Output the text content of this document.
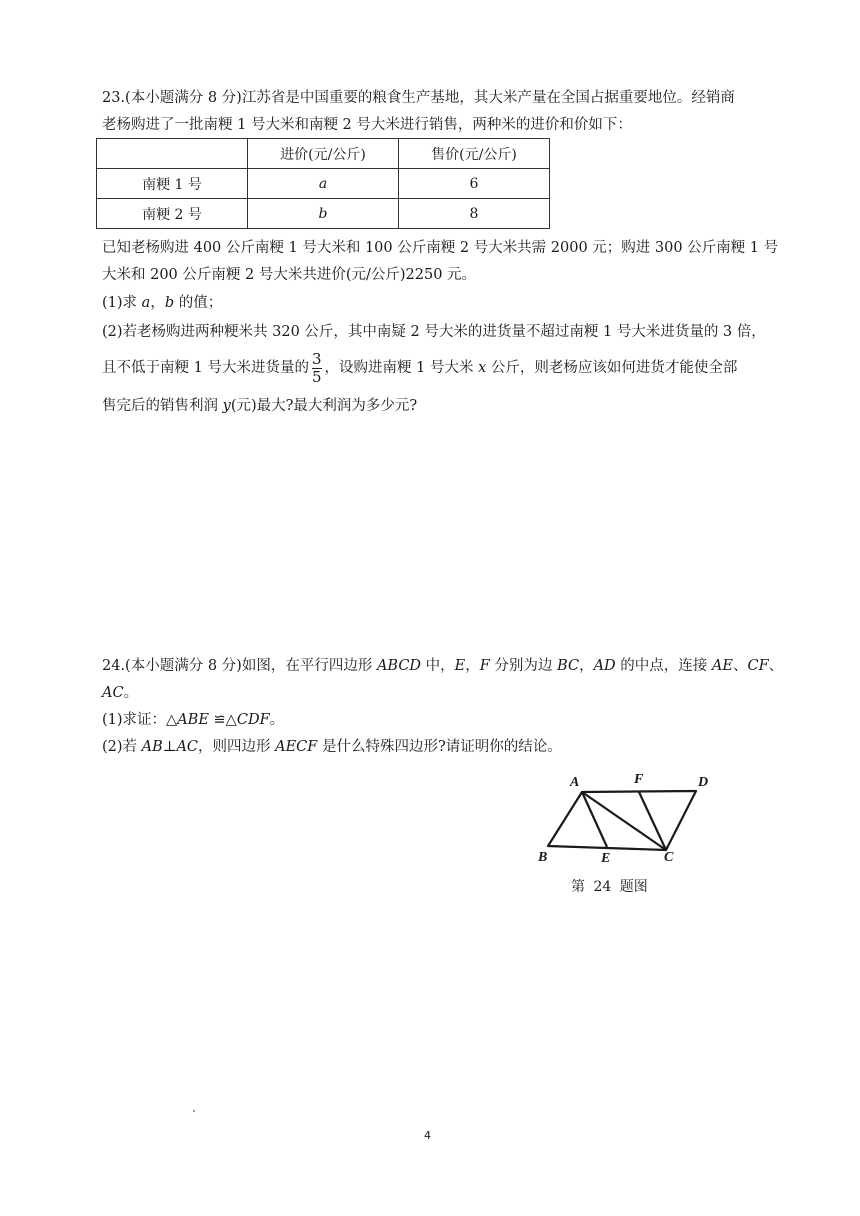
23.(本小题满分 8 分)江苏省是中国重要的粮食生产基地，其大米产量在全国占据重要地位。经销商
老杨购进了一批南粳 1 号大米和南粳 2 号大米进行销售，两种米的进价和价如下：
	进价(元/公斤)	售价(元/公斤)
南粳 1 号	a	6
南粳 2 号	b	8
已知老杨购进 400 公斤南粳 1 号大米和 100 公斤南粳 2 号大米共需 2000 元；购进 300 公斤南粳 1 号
大米和 200 公斤南粳 2 号大米共进价(元/公斤)2250 元。
(1)求 a，b 的值；
(2)若老杨购进两种粳米共 320 公斤，其中南疑 2 号大米的进货量不超过南粳 1 号大米进货量的 3 倍，
且不低于南粳 1 号大米进货量的 $\frac{3}{5}$ ，设购进南粳 1 号大米 x 公斤，则老杨应该如何进货才能使全部
售完后的销售利润 y(元)最大?最大利润为多少元?
24.(本小题满分 8 分)如图，在平行四边形 ABCD 中，E，F 分别为边 BC，AD 的中点，连接 AE、CF、
AC。
(1)求证：△ABE ≌△CDF。
(2)若 AB⊥AC，则四边形 AECF 是什么特殊四边形?请证明你的结论。
A	F	D
B	E	C
第 24 题图
4
